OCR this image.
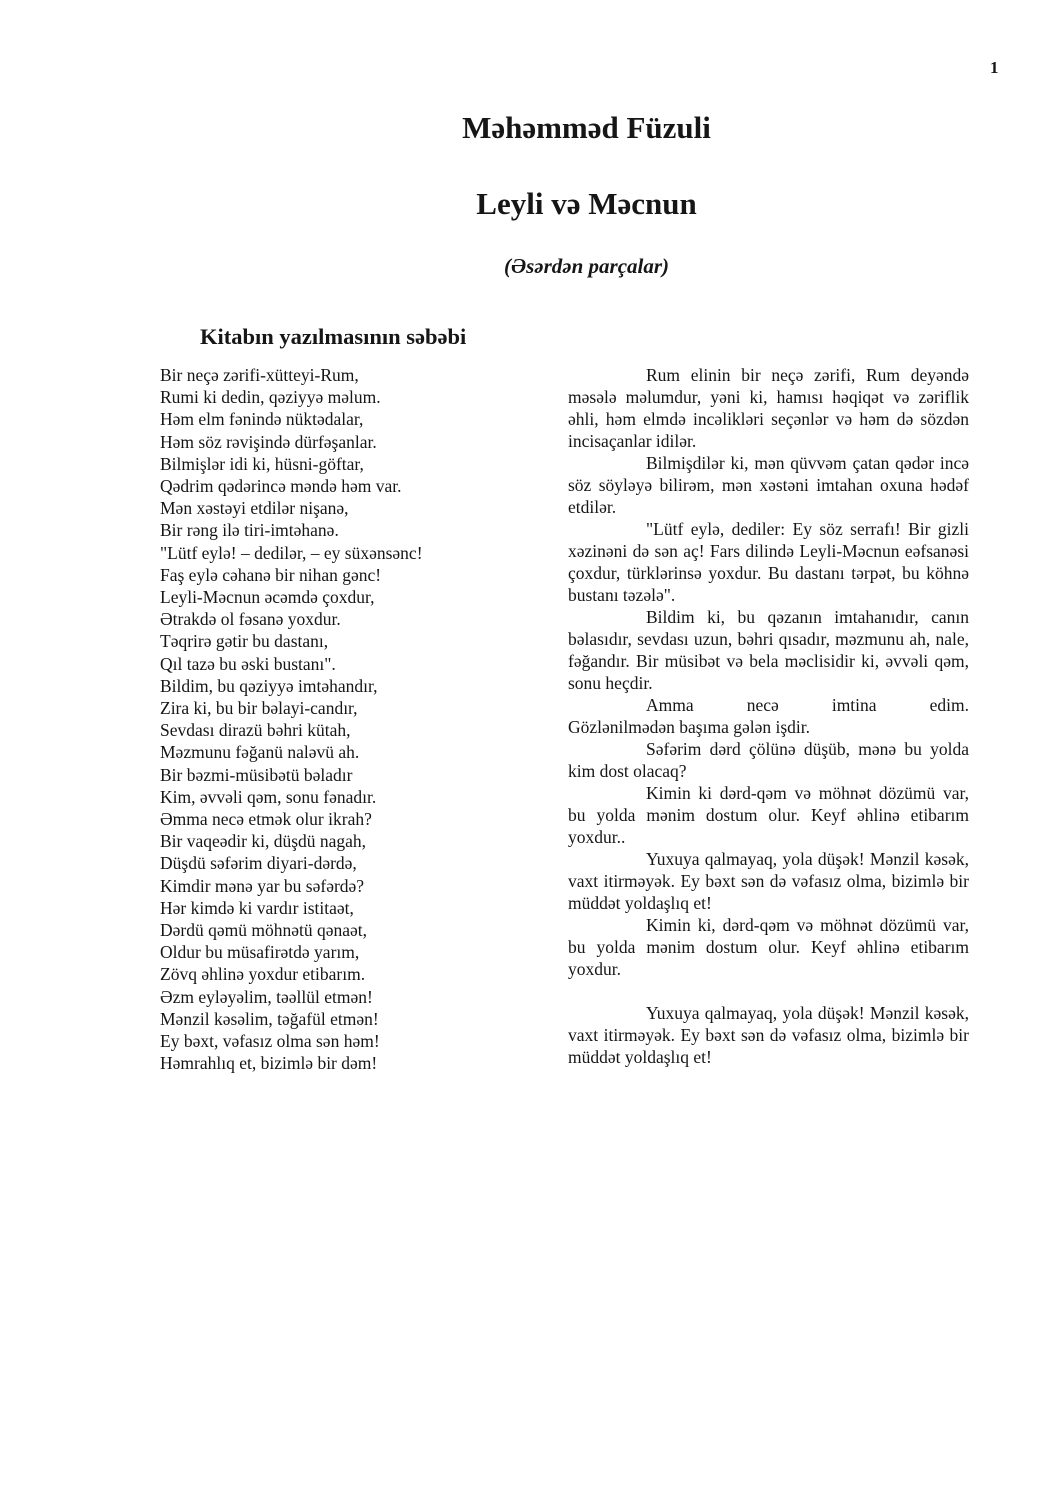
1
Məhəmməd Füzuli
Leyli və Məcnun
(Əsərdən parçalar)
Kitabın yazılmasının səbəbi
Bir neçə zərifi-xütteyi-Rum,
Rumi ki dedin, qəziyyə məlum.
Həm elm fənində nüktədalar,
Həm söz rəvişində dürfəşanlar.
Bilmişlər idi ki, hüsni-göftar,
Qədrim qədərincə məndə həm var.
Mən xəstəyi etdilər nişanə,
Bir rəng ilə tiri-imtəhanə.
"Lütf eylə! – dedilər, – ey süxənsənc!
Faş eylə cəhanə bir nihan gənc!
Leyli-Məcnun əcəmdə çoxdur,
Ətrakdə ol fəsanə yoxdur.
Təqrirə gətir bu dastanı,
Qıl tazə bu əski bustanı".
Bildim, bu qəziyyə imtəhandır,
Zira ki, bu bir bəlayi-candır,
Sevdası dirazü bəhri kütah,
Məzmunu fəğanü naləvü ah.
Bir bəzmi-müsibətü bəladır
Kim, əvvəli qəm, sonu fənadır.
Əmma necə etmək olur ikrah?
Bir vaqeədir ki, düşdü nagah,
Düşdü səfərim diyari-dərdə,
Kimdir mənə yar bu səfərdə?
Hər kimdə ki vardır istitaət,
Dərdü qəmü möhnətü qənaət,
Oldur bu müsafirətdə yarım,
Zövq əhlinə yoxdur etibarım.
Əzm eyləyəlim, təəllül etmən!
Mənzil kəsəlim, təğafül etmən!
Ey bəxt, vəfasız olma sən həm!
Həmrahlıq et, bizimlə bir dəm!

Rum elinin bir neçə zərifi, Rum deyəndə məsələ məlumdur, yəni ki, hamısı həqiqət və zəriflik əhli, həm elmdə incəlikləri seçənlər və həm də sözdən incisaçanlar idilər.

Bilmişdilər ki, mən qüvvəm çatan qədər incə söz söyləyə bilirəm, mən xəstəni imtahan oxuna hədəf etdilər.

"Lütf eylə, dediler: Ey söz serrafı! Bir gizli xəzinəni də sən aç! Fars dilində Leyli-Məcnun eəfsanəsi çoxdur, türklərinsə yoxdur. Bu dastanı tərpət, bu köhnə bustanı təzələ".

Bildim ki, bu qəzanın imtahanıdır, canın bəlasıdır, sevdası uzun, bəhri qısadır, məzmunu ah, nale, fəğandır. Bir müsibət və bela məclisidir ki, əvvəli qəm, sonu heçdir.

Amma necə imtina edim.
Gözlənilmədən başıma gələn işdir.

Səfərim dərd çölünə düşüb, mənə bu yolda kim dost olacaq?

Kimin ki dərd-qəm və möhnət dözümü var, bu yolda mənim dostum olur. Keyf əhlinə etibarım yoxdur..

Yuxuya qalmayaq, yola düşək! Mənzil kəsək, vaxt itirməyək. Ey bəxt sən də vəfasız olma, bizimlə bir müddət yoldaşlıq et!

Kimin ki, dərd-qəm və möhnət dözümü var, bu yolda mənim dostum olur. Keyf əhlinə etibarım yoxdur.

Yuxuya qalmayaq, yola düşək! Mənzil kəsək, vaxt itirməyək. Ey bəxt sən də vəfasız olma, bizimlə bir müddət yoldaşlıq et!
